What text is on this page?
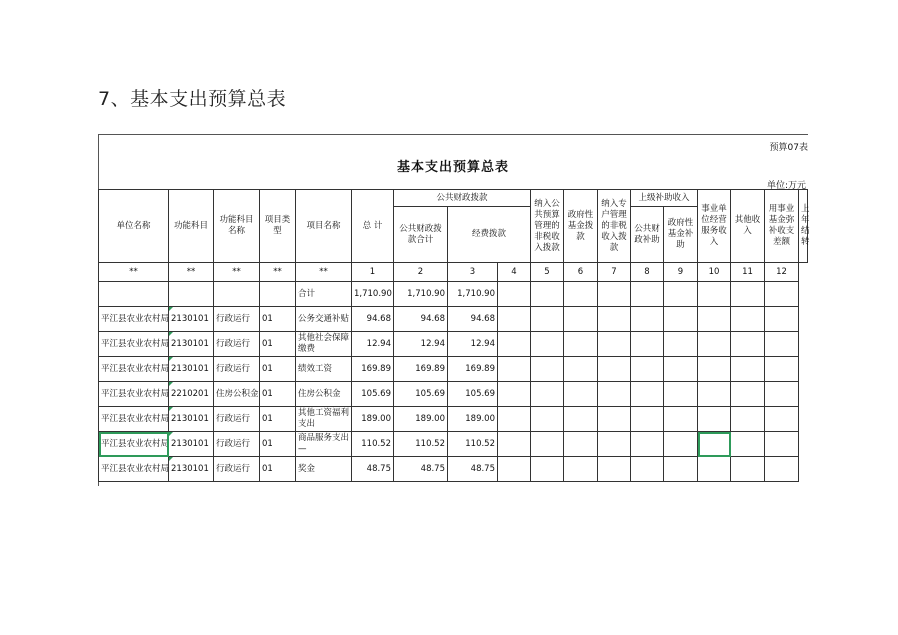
7、基本支出预算总表
预算07表
基本支出预算总表
单位:万元
单位名称	功能科目	功能科目名称	项目类型	项目名称	总 计	公共财政拨款			纳入公共预算管理的非税收入拨款	政府性基金拨款	纳入专户管理的非税收入拨款	上级补助收入		事业单位经营服务收入	其他收入	用事业基金弥补收支差额	上年结转
						公共财政拨款合计	经费拨款					公共财政补助	政府性基金补助				
**	**	**	**	**	1	2	3	4	5	6	7	8	9	10	11	12	
				合计	1,710.90	1,710.90	1,710.90										
平江县农业农村局	2130101	行政运行	01	公务交通补贴	94.68	94.68	94.68										
平江县农业农村局	2130101	行政运行	01	其他社会保障缴费	12.94	12.94	12.94										
平江县农业农村局	2130101	行政运行	01	绩效工资	169.89	169.89	169.89										
平江县农业农村局	2210201	住房公积金	01	住房公积金	105.69	105.69	105.69										
平江县农业农村局	2130101	行政运行	01	其他工资福利支出	189.00	189.00	189.00										
平江县农业农村局	2130101	行政运行	01	商品服务支出—	110.52	110.52	110.52										
平江县农业农村局	2130101	行政运行	01	奖金	48.75	48.75	48.75										
